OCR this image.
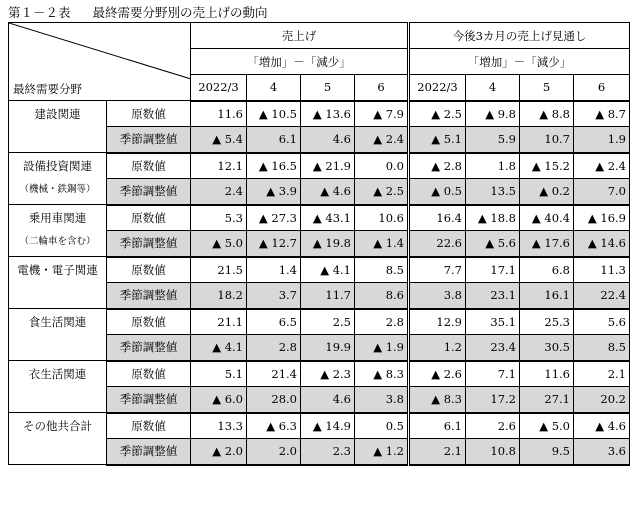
第１－２表 最終需要分野別の売上げの動向
最終需要分野		売上げ				今後3カ月の売上げ見通し			
		「増加」－「減少」				「増加」－「減少」			
		2022/3	4	5	6	2022/3	4	5	6
建設関連	原数値	11.6	▲ 10.5	▲ 13.6	▲ 7.9	▲ 2.5	▲ 9.8	▲ 8.8	▲ 8.7
	季節調整値	▲ 5.4	6.1	4.6	▲ 2.4	▲ 5.1	5.9	10.7	1.9
設備投資関連
（機械・鉄鋼等）	原数値	12.1	▲ 16.5	▲ 21.9	0.0	▲ 2.8	1.8	▲ 15.2	▲ 2.4
	季節調整値	2.4	▲ 3.9	▲ 4.6	▲ 2.5	▲ 0.5	13.5	▲ 0.2	7.0
乗用車関連
（二輪車を含む）	原数値	5.3	▲ 27.3	▲ 43.1	10.6	16.4	▲ 18.8	▲ 40.4	▲ 16.9
	季節調整値	▲ 5.0	▲ 12.7	▲ 19.8	▲ 1.4	22.6	▲ 5.6	▲ 17.6	▲ 14.6
電機・電子関連	原数値	21.5	1.4	▲ 4.1	8.5	7.7	17.1	6.8	11.3
	季節調整値	18.2	3.7	11.7	8.6	3.8	23.1	16.1	22.4
食生活関連	原数値	21.1	6.5	2.5	2.8	12.9	35.1	25.3	5.6
	季節調整値	▲ 4.1	2.8	19.9	▲ 1.9	1.2	23.4	30.5	8.5
衣生活関連	原数値	5.1	21.4	▲ 2.3	▲ 8.3	▲ 2.6	7.1	11.6	2.1
	季節調整値	▲ 6.0	28.0	4.6	3.8	▲ 8.3	17.2	27.1	20.2
その他共合計	原数値	13.3	▲ 6.3	▲ 14.9	0.5	6.1	2.6	▲ 5.0	▲ 4.6
	季節調整値	▲ 2.0	2.0	2.3	▲ 1.2	2.1	10.8	9.5	3.6
